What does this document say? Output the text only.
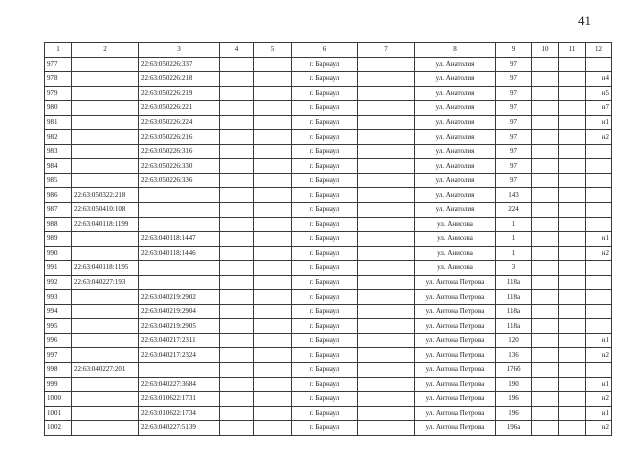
41
1	2	3	4	5	6	7	8	9	10	11	12
977		22:63:050226:337			г. Барнаул		ул. Анатолия	97			
978		22:63:050226:218			г. Барнаул		ул. Анатолия	97			н4
979		22:63:050226:219			г. Барнаул		ул. Анатолия	97			н5
980		22:63:050226:221			г. Барнаул		ул. Анатолия	97			н7
981		22:63:050226:224			г. Барнаул		ул. Анатолия	97			н1
982		22:63:050226:216			г. Барнаул		ул. Анатолия	97			н2
983		22:63:050226:316			г. Барнаул		ул. Анатолия	97			
984		22:63:050226:330			г. Барнаул		ул. Анатолия	97			
985		22:63:050226:336			г. Барнаул		ул. Анатолия	97			
986	22:63:050322:218				г. Барнаул		ул. Анатолия	143			
987	22:63:050410:108				г. Барнаул		ул. Анатолия	224			
988	22:63:040118:1199				г. Барнаул		ул. Анисова	1			
989		22:63:040118:1447			г. Барнаул		ул. Анисова	1			н1
990		22:63:040118:1446			г. Барнаул		ул. Анисова	1			н2
991	22:63:040118:1195				г. Барнаул		ул. Анисова	3			
992	22:63:040227:193				г. Барнаул		ул. Антона Петрова	118а			
993		22:63:040219:2902			г. Барнаул		ул. Антона Петрова	118а			
994		22:63:040219:2904			г. Барнаул		ул. Антона Петрова	118а			
995		22:63:040219:2905			г. Барнаул		ул. Антона Петрова	118а			
996		22:63:040217:2311			г. Барнаул		ул. Антона Петрова	120			н1
997		22:63:040217:2324			г. Барнаул		ул. Антона Петрова	136			н2
998	22:63:040227:201				г. Барнаул		ул. Антона Петрова	176б			
999		22:63:040227:3684			г. Барнаул		ул. Антона Петрова	190			н1
1000		22:63:010622:1731			г. Барнаул		ул. Антона Петрова	196			н2
1001		22:63:010622:1734			г. Барнаул		ул. Антона Петрова	196			н1
1002		22:63:040227:5139			г. Барнаул		ул. Антона Петрова	196а			н2
